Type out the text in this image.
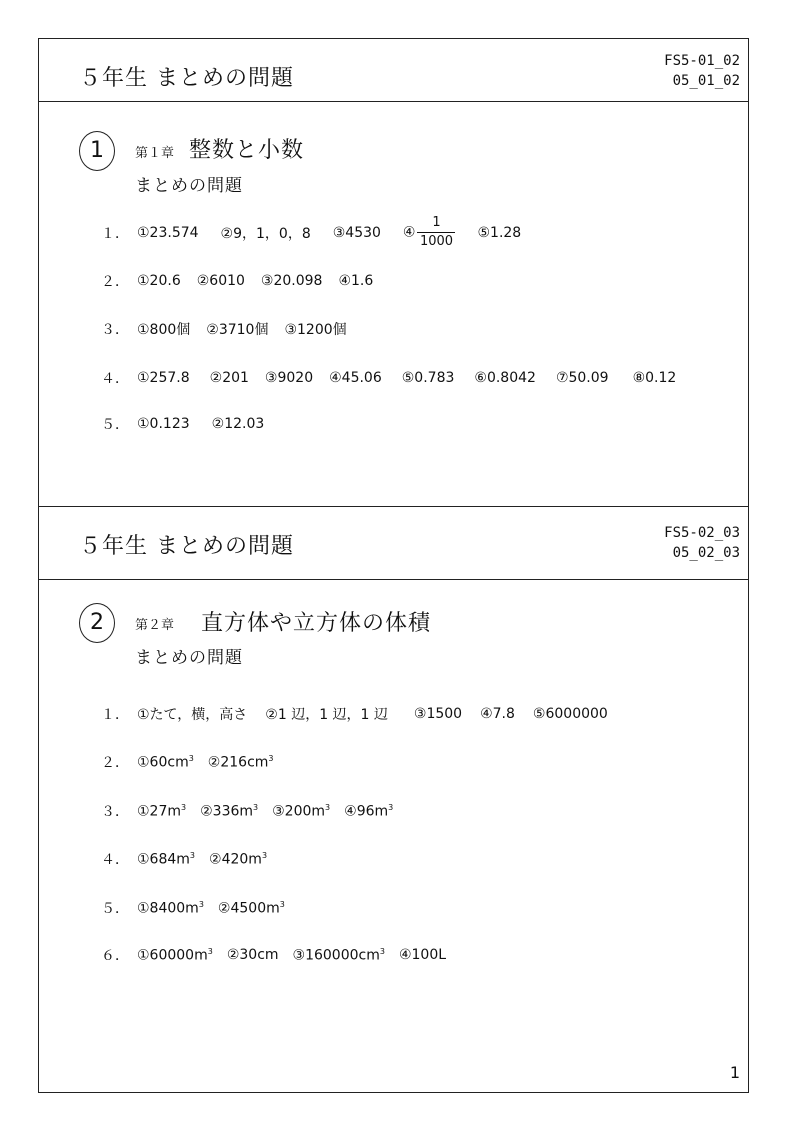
５年生 まとめの問題
FS5-01_02
05_01_02
1	第１章 整数と小数
まとめの問題
１． ①23.574 ②9，1，0，8 ③4530 ④ $\frac{1}{1000}$ ⑤1.28
２． ①20.6 ②6010 ③20.098 ④1.6
３． ①800個 ②3710個 ③1200個
４． ①257.8 ②201 ③9020 ④45.06 ⑤0.783 ⑥0.8042 ⑦50.09 ⑧0.12
５． ①0.123 ②12.03
５年生 まとめの問題
FS5-02_03
05_02_03
2	第２章 直方体や立方体の体積
まとめの問題
１． ①たて，横，高さ ②1 辺，1 辺，1 辺 ③1500 ④7.8 ⑤6000000
２． $①60cm^3$ $②216cm^3$
３． $①27m^3$ $②336m^3$ $③200m^3$ $④96m^3$
４． $①684m^3$ $②420m^3$
５． $①8400m^3$ $②4500m^3$
６． $①60000m^3$ ②30cm $③160000cm^3$ ④100L
1
